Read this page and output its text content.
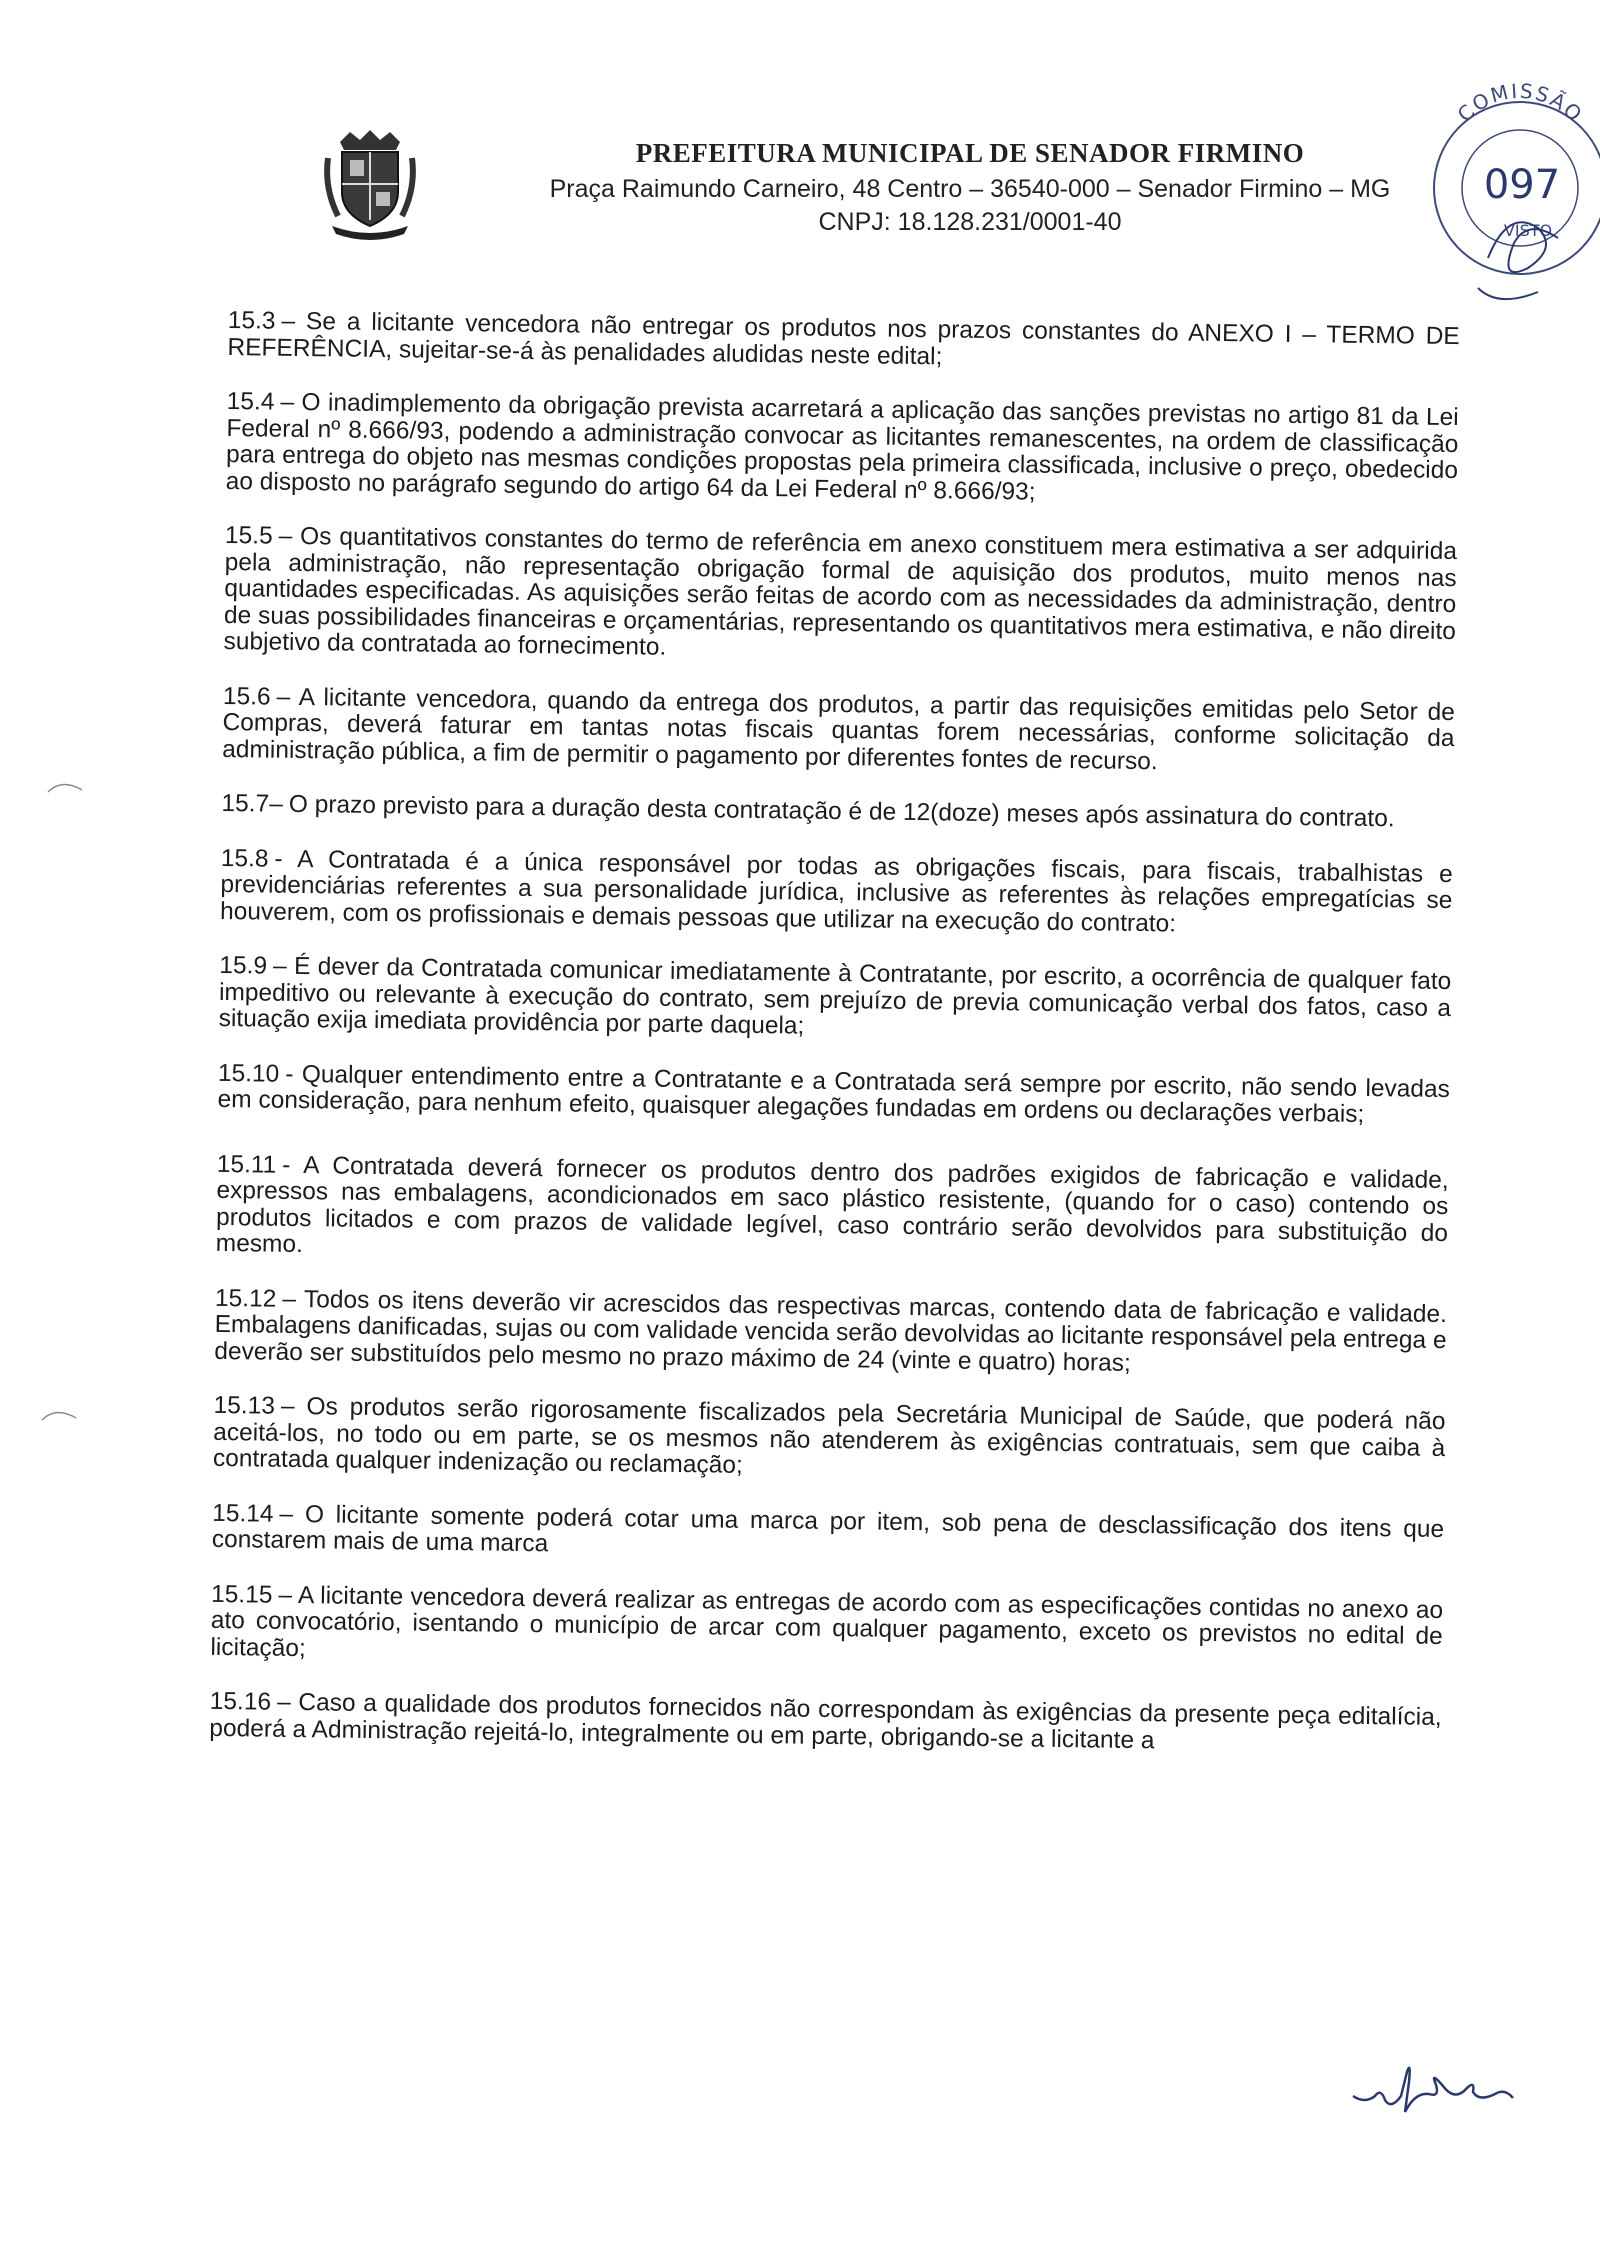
PREFEITURA MUNICIPAL DE SENADOR FIRMINO
Praça Raimundo Carneiro, 48 Centro – 36540-000 – Senador Firmino – MG
CNPJ: 18.128.231/0001-40
COMISSÃO
097
VISTO

15.3 – Se a licitante vencedora não entregar os produtos nos prazos constantes do ANEXO I – TERMO DE REFERÊNCIA, sujeitar-se-á às penalidades aludidas neste edital;

15.4 – O inadimplemento da obrigação prevista acarretará a aplicação das sanções previstas no artigo 81 da Lei Federal nº 8.666/93, podendo a administração convocar as licitantes remanescentes, na ordem de classificação para entrega do objeto nas mesmas condições propostas pela primeira classificada, inclusive o preço, obedecido ao disposto no parágrafo segundo do artigo 64 da Lei Federal nº 8.666/93;

15.5 – Os quantitativos constantes do termo de referência em anexo constituem mera estimativa a ser adquirida pela administração, não representação obrigação formal de aquisição dos produtos, muito menos nas quantidades especificadas. As aquisições serão feitas de acordo com as necessidades da administração, dentro de suas possibilidades financeiras e orçamentárias, representando os quantitativos mera estimativa, e não direito subjetivo da contratada ao fornecimento.

15.6 – A licitante vencedora, quando da entrega dos produtos, a partir das requisições emitidas pelo Setor de Compras, deverá faturar em tantas notas fiscais quantas forem necessárias, conforme solicitação da administração pública, a fim de permitir o pagamento por diferentes fontes de recurso.

15.7– O prazo previsto para a duração desta contratação é de 12(doze) meses após assinatura do contrato.

15.8 - A Contratada é a única responsável por todas as obrigações fiscais, para fiscais, trabalhistas e previdenciárias referentes a sua personalidade jurídica, inclusive as referentes às relações empregatícias se houverem, com os profissionais e demais pessoas que utilizar na execução do contrato:

15.9 – É dever da Contratada comunicar imediatamente à Contratante, por escrito, a ocorrência de qualquer fato impeditivo ou relevante à execução do contrato, sem prejuízo de previa comunicação verbal dos fatos, caso a situação exija imediata providência por parte daquela;

15.10 - Qualquer entendimento entre a Contratante e a Contratada será sempre por escrito, não sendo levadas em consideração, para nenhum efeito, quaisquer alegações fundadas em ordens ou declarações verbais;

15.11 - A Contratada deverá fornecer os produtos dentro dos padrões exigidos de fabricação e validade, expressos nas embalagens, acondicionados em saco plástico resistente, (quando for o caso) contendo os produtos licitados e com prazos de validade legível, caso contrário serão devolvidos para substituição do mesmo.

15.12 – Todos os itens deverão vir acrescidos das respectivas marcas, contendo data de fabricação e validade. Embalagens danificadas, sujas ou com validade vencida serão devolvidas ao licitante responsável pela entrega e deverão ser substituídos pelo mesmo no prazo máximo de 24 (vinte e quatro) horas;

15.13 – Os produtos serão rigorosamente fiscalizados pela Secretária Municipal de Saúde, que poderá não aceitá-los, no todo ou em parte, se os mesmos não atenderem às exigências contratuais, sem que caiba à contratada qualquer indenização ou reclamação;

15.14 – O licitante somente poderá cotar uma marca por item, sob pena de desclassificação dos itens que constarem mais de uma marca

15.15 – A licitante vencedora deverá realizar as entregas de acordo com as especificações contidas no anexo ao ato convocatório, isentando o município de arcar com qualquer pagamento, exceto os previstos no edital de licitação;

15.16 – Caso a qualidade dos produtos fornecidos não correspondam às exigências da presente peça editalícia, poderá a Administração rejeitá-lo, integralmente ou em parte, obrigando-se a licitante a
